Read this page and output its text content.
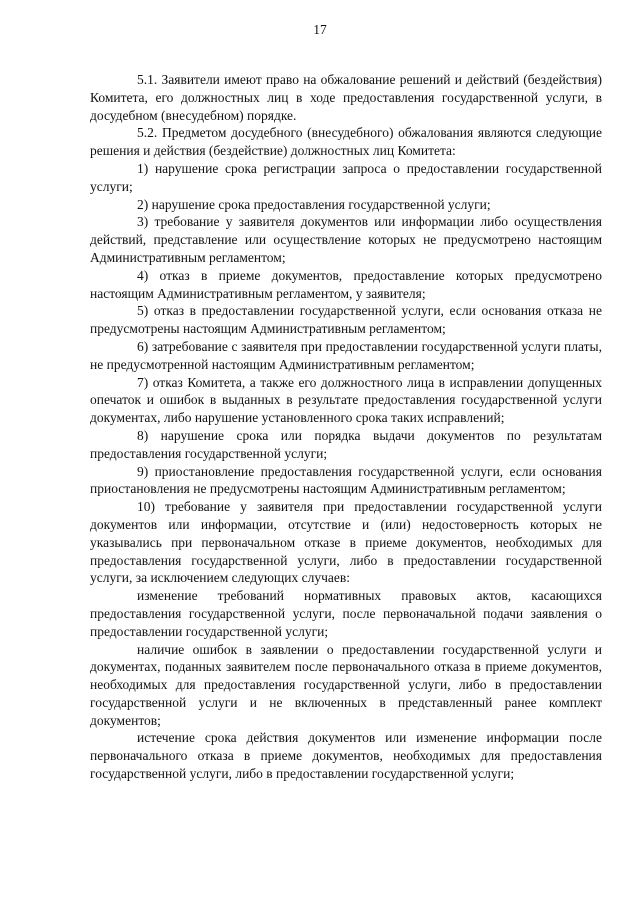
17

5.1. Заявители имеют право на обжалование решений и действий (бездействия) Комитета, его должностных лиц в ходе предоставления государственной услуги, в досудебном (внесудебном) порядке.

5.2. Предметом досудебного (внесудебного) обжалования являются следующие решения и действия (бездействие) должностных лиц Комитета:

1) нарушение срока регистрации запроса о предоставлении государственной услуги;

2) нарушение срока предоставления государственной услуги;

3) требование у заявителя документов или информации либо осуществления действий, представление или осуществление которых не предусмотрено настоящим Административным регламентом;

4) отказ в приеме документов, предоставление которых предусмотрено настоящим Административным регламентом, у заявителя;

5) отказ в предоставлении государственной услуги, если основания отказа не предусмотрены настоящим Административным регламентом;

6) затребование с заявителя при предоставлении государственной услуги платы, не предусмотренной настоящим Административным регламентом;

7) отказ Комитета, а также его должностного лица в исправлении допущенных опечаток и ошибок в выданных в результате предоставления государственной услуги документах, либо нарушение установленного срока таких исправлений;

8) нарушение срока или порядка выдачи документов по результатам предоставления государственной услуги;

9) приостановление предоставления государственной услуги, если основания приостановления не предусмотрены настоящим Административным регламентом;

10) требование у заявителя при предоставлении государственной услуги документов или информации, отсутствие и (или) недостоверность которых не указывались при первоначальном отказе в приеме документов, необходимых для предоставления государственной услуги, либо в предоставлении государственной услуги, за исключением следующих случаев:

изменение требований нормативных правовых актов, касающихся предоставления государственной услуги, после первоначальной подачи заявления о предоставлении государственной услуги;

наличие ошибок в заявлении о предоставлении государственной услуги и документах, поданных заявителем после первоначального отказа в приеме документов, необходимых для предоставления государственной услуги, либо в предоставлении государственной услуги и не включенных в представленный ранее комплект документов;

истечение срока действия документов или изменение информации после первоначального отказа в приеме документов, необходимых для предоставления государственной услуги, либо в предоставлении государственной услуги;
